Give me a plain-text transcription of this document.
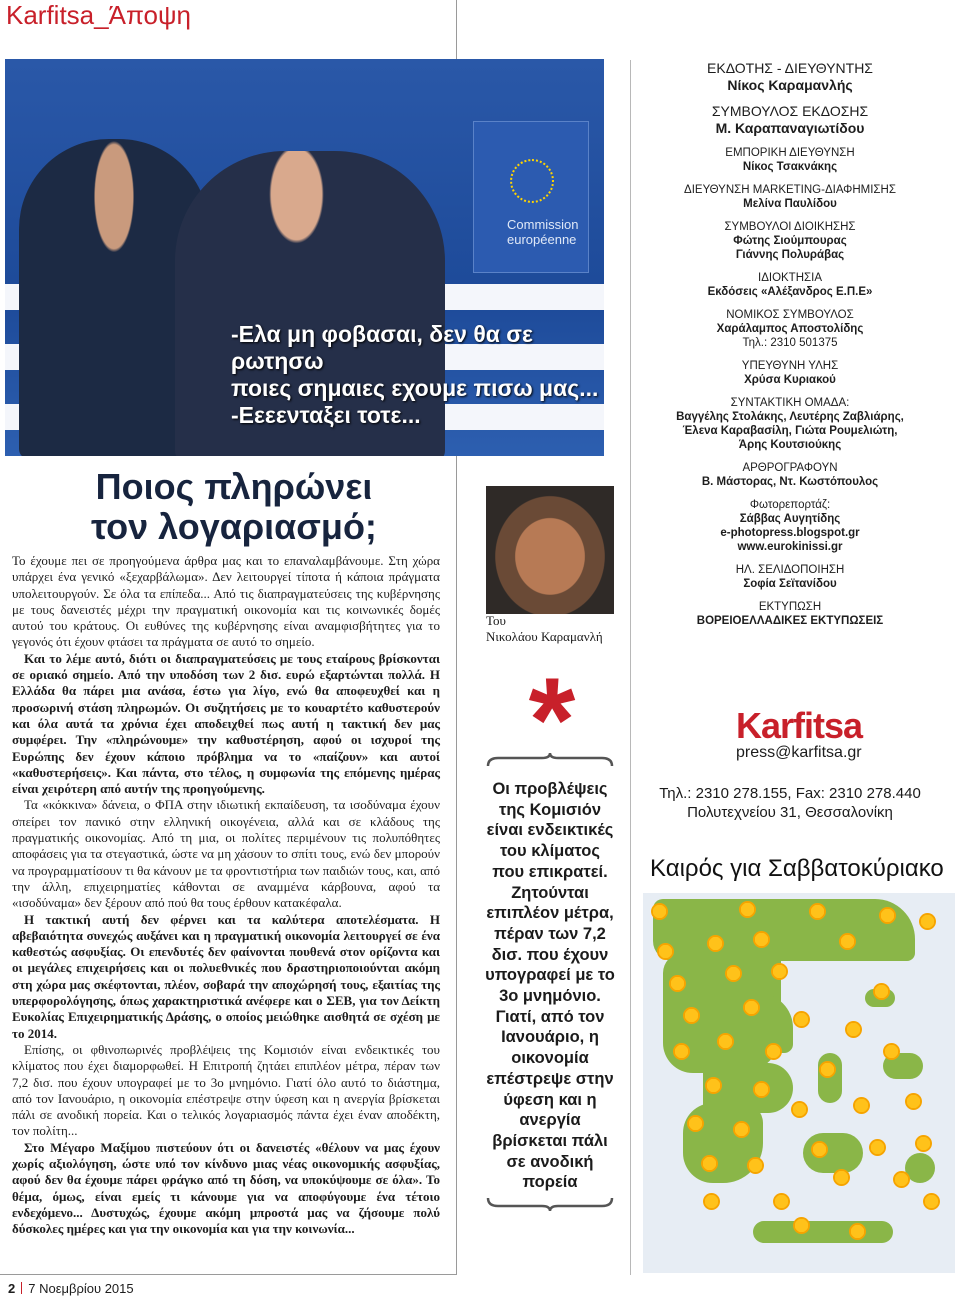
Karfitsa_Άποψη
Commission
européenne
-Ελα μη φοβασαι, δεν θα σε ρωτησω
ποιες σημαιες εχουμε πισω μας...
-Εεεενταξει τοτε...
Ποιος πληρώνει
τον λογαριασμό;

Το έχουμε πει σε προηγούμενα άρθρα μας και το επαναλαμβάνουμε. Στη χώρα υπάρχει ένα γενικό «ξεχαρβάλωμα». Δεν λειτουργεί τίποτα ή κάποια πράγματα υπολειτουργούν. Σε όλα τα επίπεδα... Από τις διαπραγματεύσεις της κυβέρνησης με τους δανειστές μέχρι την πραγματική οικονομία και τις κοινωνικές δομές αυτού του κράτους. Οι ευθύνες της κυβέρνησης είναι αναμφισβήτητες για το γεγονός ότι έχουν φτάσει τα πράγματα σε αυτό το σημείο.

Και το λέμε αυτό, διότι οι διαπραγματεύσεις με τους εταίρους βρίσκονται σε οριακό σημείο. Από την υποδόση των 2 δισ. ευρώ εξαρτώνται πολλά. Η Ελλάδα θα πάρει μια ανάσα, έστω για λίγο, ενώ θα αποφευχθεί και η προσωρινή στάση πληρωμών. Οι συζητήσεις με το κουαρτέτο καθυστερούν και όλα αυτά τα χρόνια έχει αποδειχθεί πως αυτή η τακτική δεν μας συμφέρει. Την «πληρώνουμε» την καθυστέρηση, αφού οι ισχυροί της Ευρώπης δεν έχουν κάποιο πρόβλημα να το «παίζουν» και αυτοί «καθυστερήσεις». Και πάντα, στο τέλος, η συμφωνία της επόμενης ημέρας είναι χειρότερη από αυτήν της προηγούμενης.

Τα «κόκκινα» δάνεια, ο ΦΠΑ στην ιδιωτική εκπαίδευση, τα ισοδύναμα έχουν σπείρει τον πανικό στην ελληνική οικογένεια, αλλά και σε κλάδους της πραγματικής οικονομίας. Από τη μια, οι πολίτες περιμένουν τις πολυπόθητες αποφάσεις για τα στεγαστικά, ώστε να μη χάσουν το σπίτι τους, ενώ δεν μπορούν να προγραμματίσουν τι θα κάνουν με τα φροντιστήρια των παιδιών τους, και, από την άλλη, επιχειρηματίες κάθονται σε αναμμένα κάρβουνα, αφού τα «ισοδύναμα» δεν ξέρουν από πού θα τους έρθουν κατακέφαλα.

Η τακτική αυτή δεν φέρνει και τα καλύτερα αποτελέσματα. Η αβεβαιότητα συνεχώς αυξάνει και η πραγματική οικονομία λειτουργεί σε ένα καθεστώς ασφυξίας. Οι επενδυτές δεν φαίνονται πουθενά στον ορίζοντα και οι μεγάλες επιχειρήσεις και οι πολυεθνικές που δραστηριοποιούνται ακόμη στη χώρα μας σκέφτονται, πλέον, σοβαρά την αποχώρησή τους, εξαιτίας της υπερφορολόγησης, όπως χαρακτηριστικά ανέφερε και ο ΣΕΒ, για τον Δείκτη Ευκολίας Επιχειρηματικής Δράσης, ο οποίος μειώθηκε αισθητά σε σχέση με το 2014.

Επίσης, οι φθινοπωρινές προβλέψεις της Κομισιόν είναι ενδεικτικές του κλίματος που έχει διαμορφωθεί. Η Επιτροπή ζητάει επιπλέον μέτρα, πέραν των 7,2 δισ. που έχουν υπογραφεί με το 3ο μνημόνιο. Γιατί όλο αυτό το διάστημα, από τον Ιανουάριο, η οικονομία επέστρεψε στην ύφεση και η ανεργία βρίσκεται πάλι σε ανοδική πορεία. Και ο τελικός λογαριασμός πάντα έχει έναν αποδέκτη, τον πολίτη...

Στο Μέγαρο Μαξίμου πιστεύουν ότι οι δανειστές «θέλουν να μας έχουν χωρίς αξιολόγηση, ώστε υπό τον κίνδυνο μιας νέας οικονομικής ασφυξίας, αφού δεν θα έχουμε πάρει φράγκο από τη δόση, να υποκύψουμε σε όλα». Το θέμα, όμως, είναι εμείς τι κάνουμε για να αποφύγουμε ένα τέτοιο ενδεχόμενο... Δυστυχώς, έχουμε ακόμη μπροστά μας να ζήσουμε πολύ δύσκολες ημέρες και για την οικονομία και για την κοινωνία...

Του
Νικολάου Καραμανλή
*
Οι προβλέψεις της Κομισιόν είναι ενδεικτικές του κλίματος που επικρατεί. Ζητούνται επιπλέον μέτρα, πέραν των 7,2 δισ. που έχουν υπογραφεί με το 3ο μνημόνιο. Γιατί, από τον Ιανουάριο, η οικονομία επέστρεψε στην ύφεση και η ανεργία βρίσκεται πάλι σε ανοδική πορεία
ΕΚΔΟΤΗΣ - ΔΙΕΥΘΥΝΤΗΣ
Νίκος Καραμανλής
ΣΥΜΒΟΥΛΟΣ ΕΚΔΟΣΗΣ
Μ. Καραπαναγιωτίδου
ΕΜΠΟΡΙΚΗ ΔΙΕΥΘΥΝΣΗ
Νίκος Τσακνάκης
ΔΙΕΥΘΥΝΣΗ MARKETING-ΔΙΑΦΗΜΙΣΗΣ
Μελίνα Παυλίδου
ΣΥΜΒΟΥΛΟΙ ΔΙΟΙΚΗΣΗΣ
Φώτης Σιούμπουρας
Γιάννης Πολυράβας
ΙΔΙΟΚΤΗΣΙΑ
Εκδόσεις «Αλέξανδρος Ε.Π.Ε»
ΝΟΜΙΚΟΣ ΣΥΜΒΟΥΛΟΣ
Χαράλαμπος Αποστολίδης
Τηλ.: 2310 501375
ΥΠΕΥΘΥΝΗ ΥΛΗΣ
Χρύσα Κυριακού
ΣΥΝΤΑΚΤΙΚΗ ΟΜΑΔΑ:
Βαγγέλης Στολάκης, Λευτέρης Ζαβλιάρης,
Έλενα Καραβασίλη, Γιώτα Ρουμελιώτη,
Άρης Κουτσιούκης
ΑΡΘΡΟΓΡΑΦΟΥΝ
Β. Μάστορας, Ντ. Κωστόπουλος
Φωτορεπορτάζ:
Σάββας Αυγητίδης
e-photopress.blogspot.gr
www.eurokinissi.gr
ΗΛ. ΣΕΛΙΔΟΠΟΙΗΣΗ
Σοφία Σεϊτανίδου
ΕΚΤΥΠΩΣΗ
ΒΟΡΕΙΟΕΛΛΑΔΙΚΕΣ ΕΚΤΥΠΩΣΕΙΣ
Karfitsa
press@karfitsa.gr
Τηλ.: 2310 278.155, Fax: 2310 278.440
Πολυτεχνείου 31, Θεσσαλονίκη
Καιρός για Σαββατοκύριακο
2 7 Νοεμβρίου 2015
